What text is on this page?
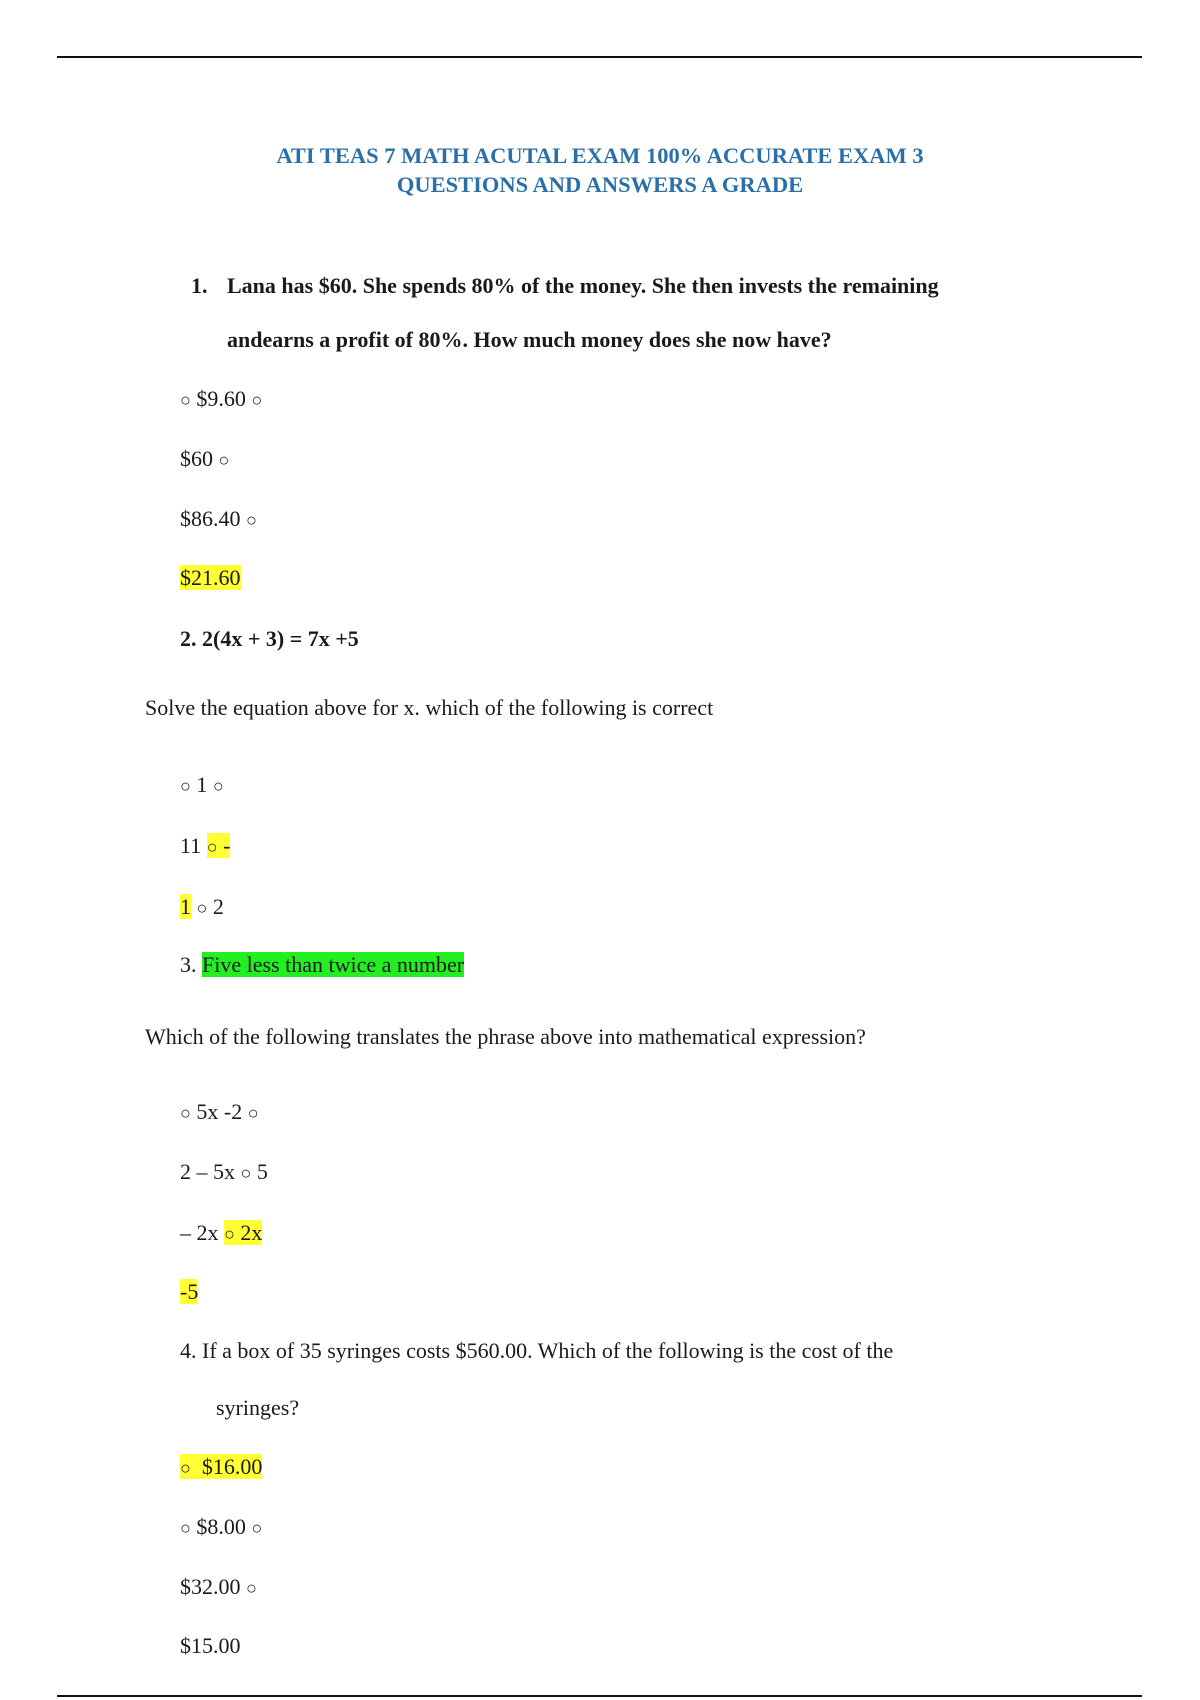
ATI TEAS 7 MATH ACUTAL EXAM 100% ACCURATE EXAM 3
QUESTIONS AND ANSWERS A GRADE
1. Lana has $60. She spends 80% of the money. She then invests the remaining
andearns a profit of 80%. How much money does she now have?
○ $9.60 ○
$60 ○
$86.40 ○
$21.60
2. 2(4x + 3) = 7x +5
Solve the equation above for x. which of the following is correct
○ 1 ○
11 ○ -
1 ○ 2
3. Five less than twice a number
Which of the following translates the phrase above into mathematical expression?
○ 5x -2 ○
2 – 5x ○ 5
– 2x ○ 2x
-5
4. If a box of 35 syringes costs $560.00. Which of the following is the cost of the
syringes?
○ $16.00
○ $8.00 ○
$32.00 ○
$15.00
